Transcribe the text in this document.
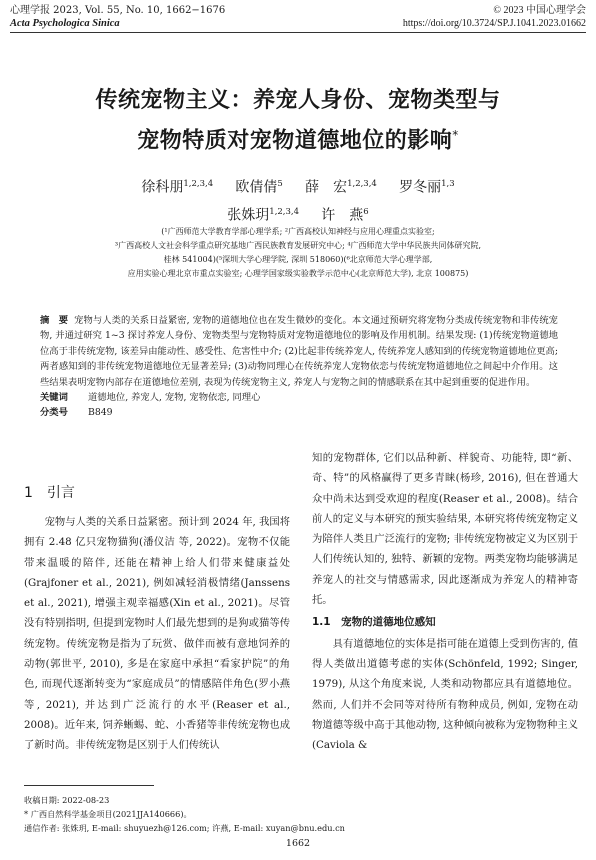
心理学报 2023, Vol. 55, No. 10, 1662−1676
Acta Psychologica Sinica
© 2023 中国心理学会
https://doi.org/10.3724/SP.J.1041.2023.01662
传统宠物主义：养宠人身份、宠物类型与
宠物特质对宠物道德地位的影响*
徐科朋$^{1,2,3,4}$ 欧倩倩$^5$ 薛　宏$^{1,2,3,4}$ 罗冬丽$^{1,3}$
张姝玥$^{1,2,3,4}$ 许　燕$^6$
(¹广西师范大学教育学部心理学系; ²广西高校认知神经与应用心理重点实验室;
³广西高校人文社会科学重点研究基地广西民族教育发展研究中心; ⁴广西师范大学中华民族共同体研究院,
桂林 541004)(⁵深圳大学心理学院, 深圳 518060)(⁶北京师范大学心理学部,
应用实验心理北京市重点实验室; 心理学国家级实验教学示范中心(北京师范大学), 北京 100875)

摘　要 宠物与人类的关系日益紧密, 宠物的道德地位也在发生微妙的变化。本文通过预研究将宠物分类成传统宠物和非传统宠物, 并通过研究 1~3 探讨养宠人身份、宠物类型与宠物特质对宠物道德地位的影响及作用机制。结果发现: (1)传统宠物道德地位高于非传统宠物, 该差异由能动性、感受性、危害性中介; (2)比起非传统养宠人, 传统养宠人感知到的传统宠物道德地位更高; 两者感知到的非传统宠物道德地位无显著差异; (3)动物同理心在传统养宠人宠物依恋与传统宠物道德地位之间起中介作用。这些结果表明宠物内部存在道德地位差别, 表现为传统宠物主义, 养宠人与宠物之间的情感联系在其中起到重要的促进作用。

关键词 道德地位, 养宠人, 宠物, 宠物依恋, 同理心
分类号 B849
1　引言

宠物与人类的关系日益紧密。预计到 2024 年, 我国将拥有 2.48 亿只宠物猫狗(潘仪洁 等, 2022)。宠物不仅能带来温暖的陪伴, 还能在精神上给人们带来健康益处(Grajfoner et al., 2021), 例如减轻消极情绪(Janssens et al., 2021), 增强主观幸福感(Xin et al., 2021)。尽管没有特别指明, 但提到宠物时人们最先想到的是狗或猫等传统宠物。传统宠物是指为了玩赏、做伴而被有意地饲养的动物(郭世平, 2010), 多是在家庭中承担“看家护院”的角色, 而现代逐渐转变为“家庭成员”的情感陪伴角色(罗小燕等, 2021), 并达到广泛流行的水平(Reaser et al., 2008)。近年来, 饲养蜥蜴、蛇、小香猪等非传统宠物也成了新时尚。非传统宠物是区别于人们传统认

知的宠物群体, 它们以品种新、样貌奇、功能特, 即“新、奇、特”的风格赢得了更多青睐(杨珍, 2016), 但在普通大众中尚未达到受欢迎的程度(Reaser et al., 2008)。结合前人的定义与本研究的预实验结果, 本研究将传统宠物定义为陪伴人类且广泛流行的宠物; 非传统宠物被定义为区别于人们传统认知的, 独特、新颖的宠物。两类宠物均能够满足养宠人的社交与情感需求, 因此逐渐成为养宠人的精神寄托。

1.1　宠物的道德地位感知

具有道德地位的实体是指可能在道德上受到伤害的, 值得人类做出道德考虑的实体(Schönfeld, 1992; Singer, 1979), 从这个角度来说, 人类和动物都应具有道德地位。然而, 人们并不会同等对待所有物种成员, 例如, 宠物在动物道德等级中高于其他动物, 这种倾向被称为宠物物种主义(Caviola &

收稿日期: 2022-08-23
* 广西自然科学基金项目(2021JJA140666)。
通信作者: 张姝玥, E-mail: shuyuezh@126.com; 许燕, E-mail: xuyan@bnu.edu.cn
1662
